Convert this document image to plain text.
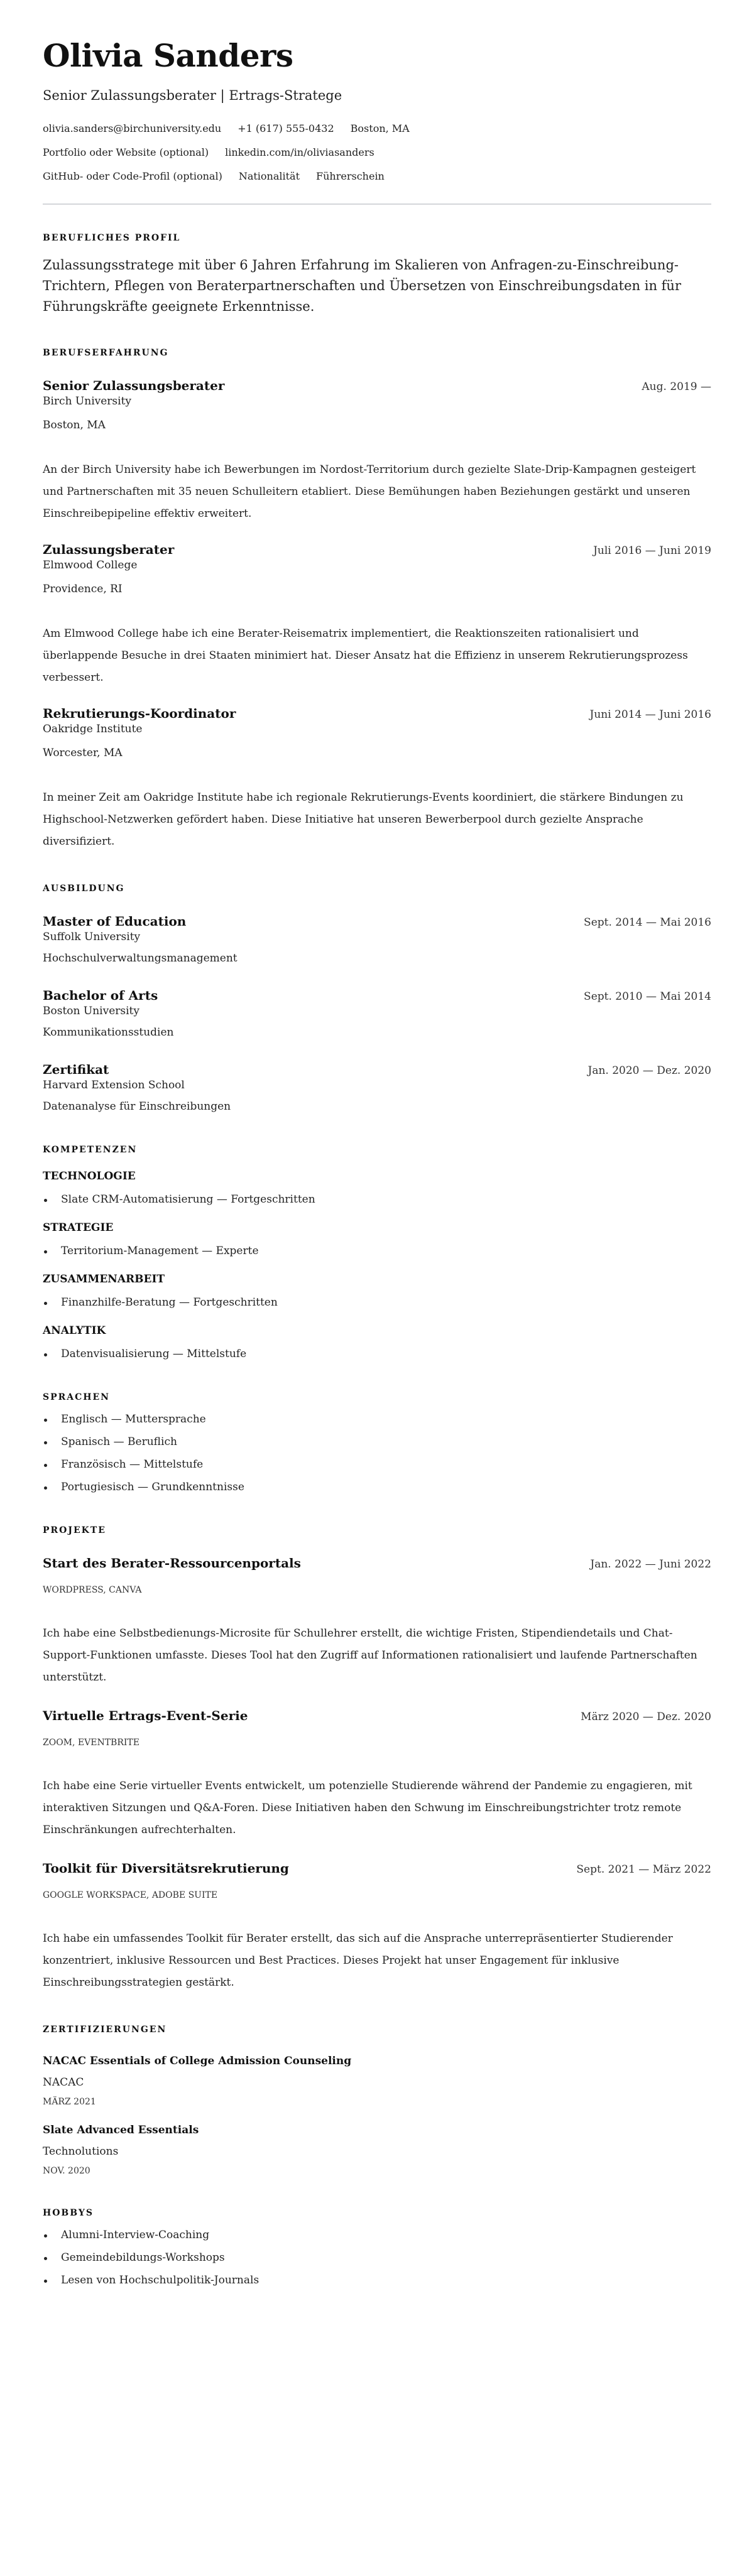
Olivia Sanders
Senior Zulassungsberater | Ertrags-Stratege
olivia.sanders@birchuniversity.edu +1 (617) 555-0432 Boston, MA
Portfolio oder Website (optional) linkedin.com/in/oliviasanders
GitHub- oder Code-Profil (optional) Nationalität Führerschein
BERUFLICHES PROFIL

Zulassungsstratege mit über 6 Jahren Erfahrung im Skalieren von Anfragen-zu-Einschreibung-Trichtern, Pflegen von Beraterpartnerschaften und Übersetzen von Einschreibungsdaten in für Führungskräfte geeignete Erkenntnisse.

BERUFSERFAHRUNG
Senior Zulassungsberater	Aug. 2019 —
Birch University
Boston, MA

An der Birch University habe ich Bewerbungen im Nordost-Territorium durch gezielte Slate-Drip-Kampagnen gesteigert und Partnerschaften mit 35 neuen Schulleitern etabliert. Diese Bemühungen haben Beziehungen gestärkt und unseren Einschreibepipeline effektiv erweitert.

Zulassungsberater	Juli 2016 — Juni 2019
Elmwood College
Providence, RI

Am Elmwood College habe ich eine Berater-Reisematrix implementiert, die Reaktionszeiten rationalisiert und überlappende Besuche in drei Staaten minimiert hat. Dieser Ansatz hat die Effizienz in unserem Rekrutierungsprozess verbessert.

Rekrutierungs-Koordinator	Juni 2014 — Juni 2016
Oakridge Institute
Worcester, MA

In meiner Zeit am Oakridge Institute habe ich regionale Rekrutierungs-Events koordiniert, die stärkere Bindungen zu Highschool-Netzwerken gefördert haben. Diese Initiative hat unseren Bewerberpool durch gezielte Ansprache diversifiziert.

AUSBILDUNG
Master of Education	Sept. 2014 — Mai 2016
Suffolk University
Hochschulverwaltungsmanagement
Bachelor of Arts	Sept. 2010 — Mai 2014
Boston University
Kommunikationsstudien
Zertifikat	Jan. 2020 — Dez. 2020
Harvard Extension School
Datenanalyse für Einschreibungen
KOMPETENZEN
TECHNOLOGIE
Slate CRM-Automatisierung — Fortgeschritten
STRATEGIE
Territorium-Management — Experte
ZUSAMMENARBEIT
Finanzhilfe-Beratung — Fortgeschritten
ANALYTIK
Datenvisualisierung — Mittelstufe
SPRACHEN
Englisch — Muttersprache
Spanisch — Beruflich
Französisch — Mittelstufe
Portugiesisch — Grundkenntnisse
PROJEKTE
Start des Berater-Ressourcenportals	Jan. 2022 — Juni 2022
WORDPRESS, CANVA

Ich habe eine Selbstbedienungs-Microsite für Schullehrer erstellt, die wichtige Fristen, Stipendiendetails und Chat-Support-Funktionen umfasste. Dieses Tool hat den Zugriff auf Informationen rationalisiert und laufende Partnerschaften unterstützt.

Virtuelle Ertrags-Event-Serie	März 2020 — Dez. 2020
ZOOM, EVENTBRITE

Ich habe eine Serie virtueller Events entwickelt, um potenzielle Studierende während der Pandemie zu engagieren, mit interaktiven Sitzungen und Q&A-Foren. Diese Initiativen haben den Schwung im Einschreibungstrichter trotz remote Einschränkungen aufrechterhalten.

Toolkit für Diversitätsrekrutierung	Sept. 2021 — März 2022
GOOGLE WORKSPACE, ADOBE SUITE

Ich habe ein umfassendes Toolkit für Berater erstellt, das sich auf die Ansprache unterrepräsentierter Studierender konzentriert, inklusive Ressourcen und Best Practices. Dieses Projekt hat unser Engagement für inklusive Einschreibungsstrategien gestärkt.

ZERTIFIZIERUNGEN
NACAC Essentials of College Admission Counseling
NACAC
MÄRZ 2021
Slate Advanced Essentials
Technolutions
NOV. 2020
HOBBYS
Alumni-Interview-Coaching
Gemeindebildungs-Workshops
Lesen von Hochschulpolitik-Journals
